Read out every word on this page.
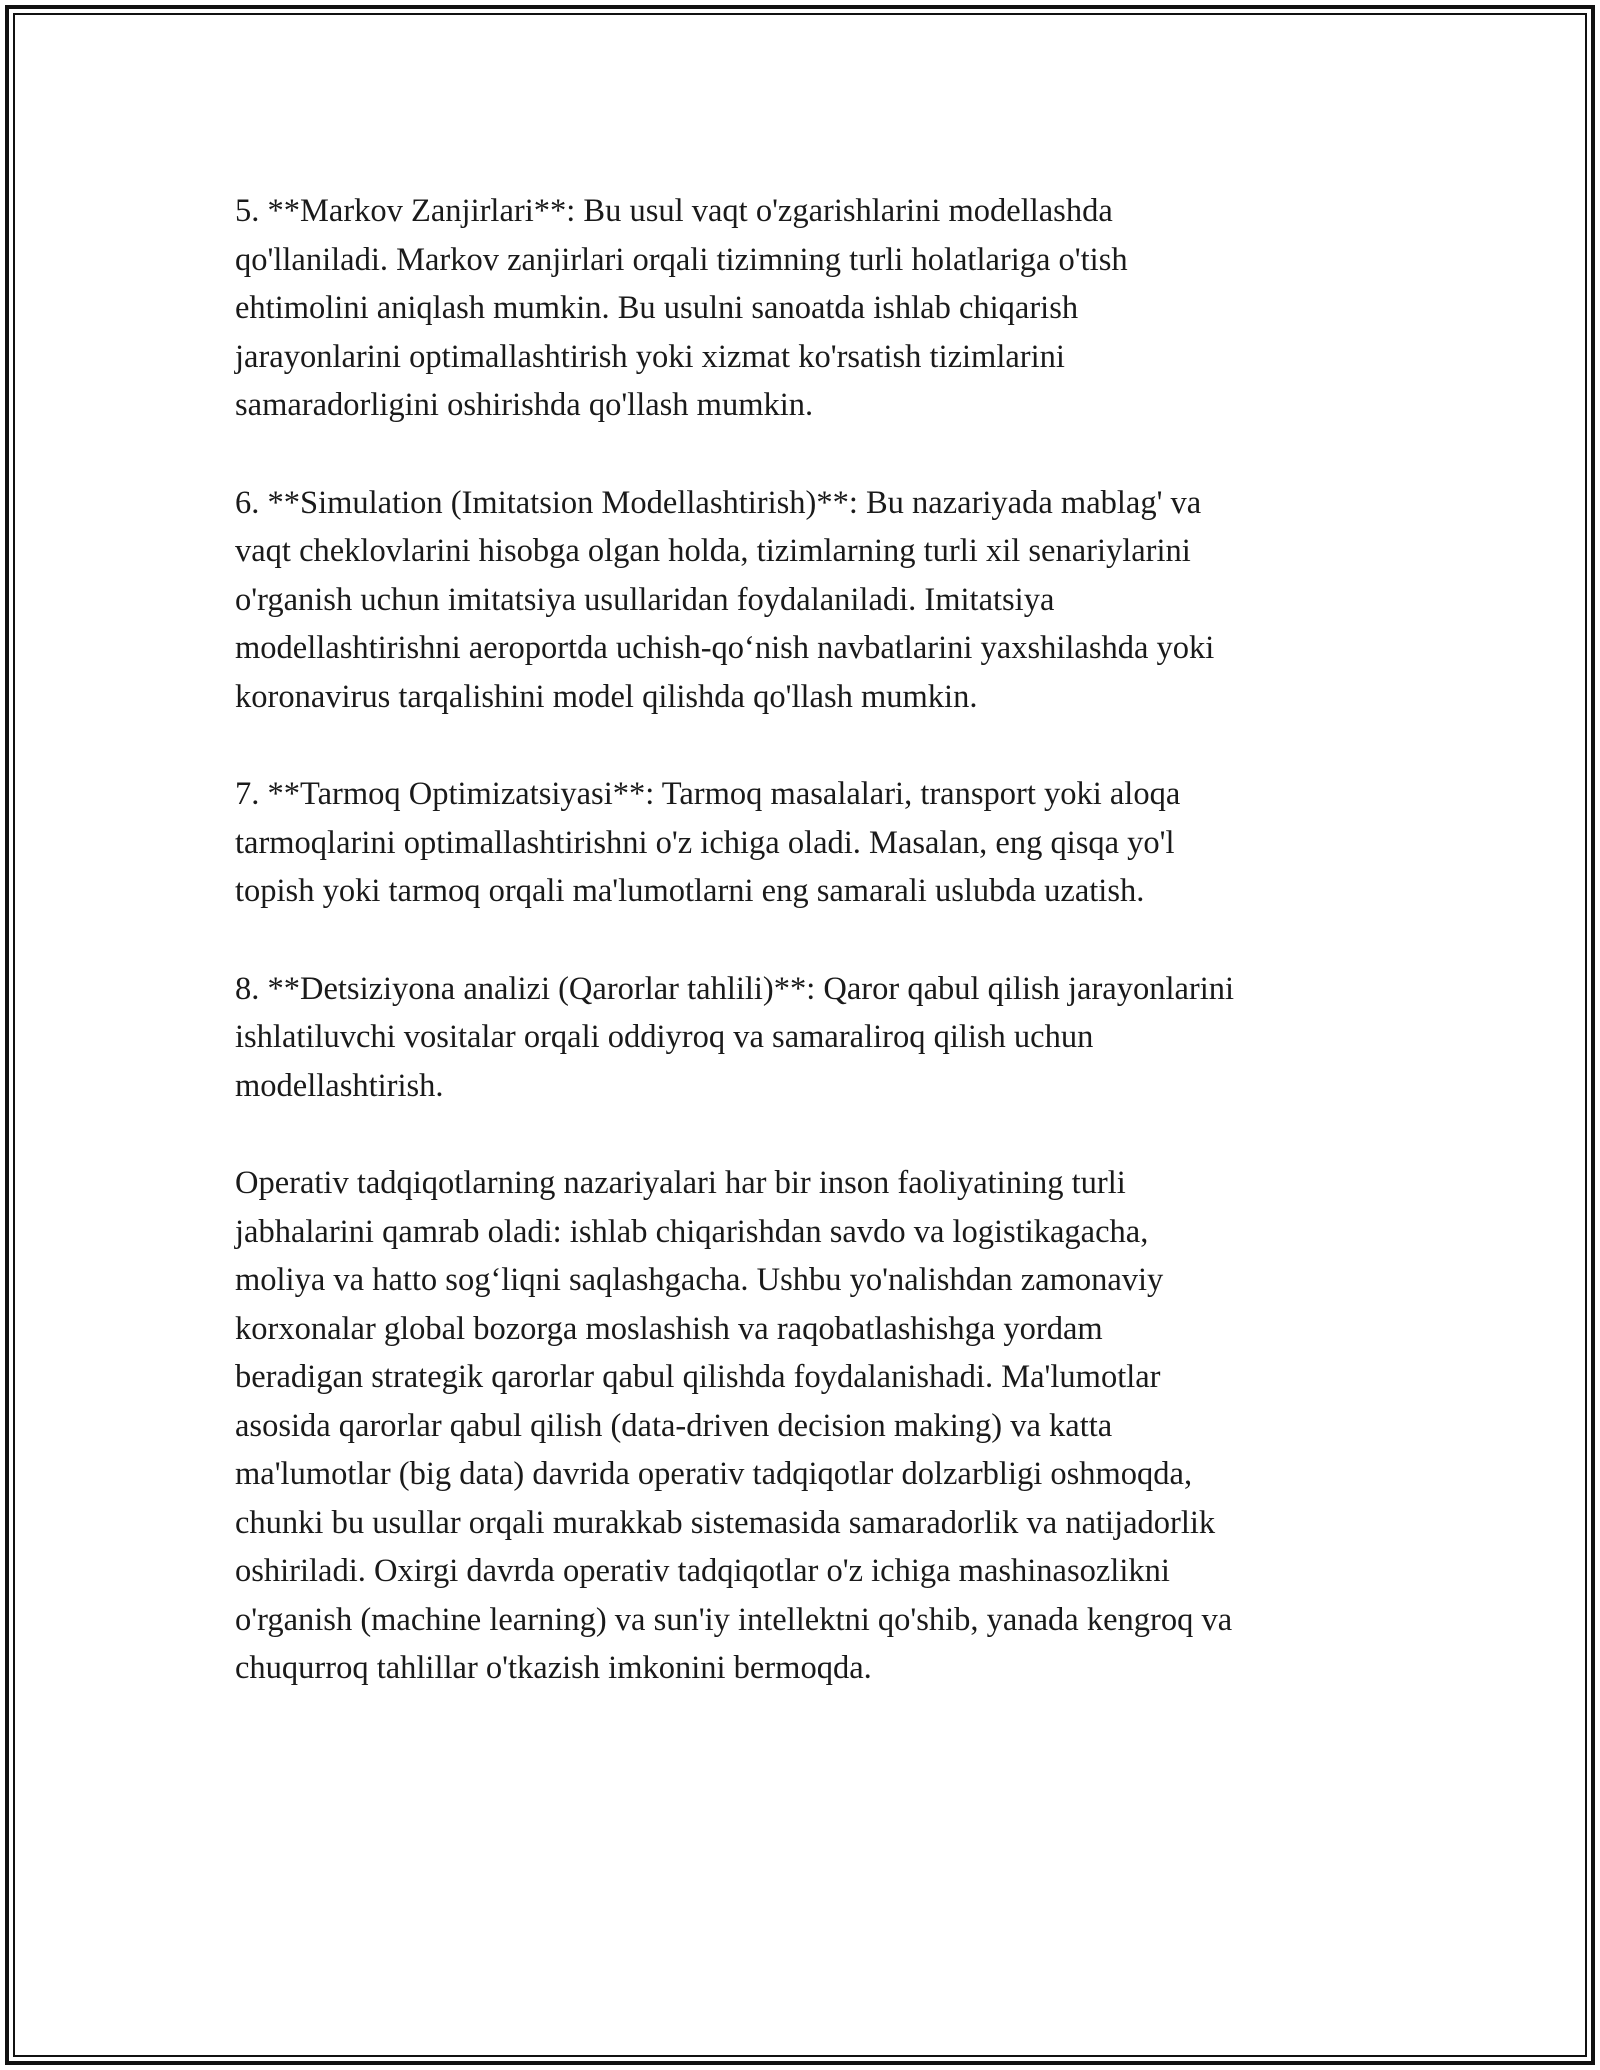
5. **Markov Zanjirlari**: Bu usul vaqt o'zgarishlarini modellashda
qo'llaniladi. Markov zanjirlari orqali tizimning turli holatlariga o'tish
ehtimolini aniqlash mumkin. Bu usulni sanoatda ishlab chiqarish
jarayonlarini optimallashtirish yoki xizmat ko'rsatish tizimlarini
samaradorligini oshirishda qo'llash mumkin.

6. **Simulation (Imitatsion Modellashtirish)**: Bu nazariyada mablag' va
vaqt cheklovlarini hisobga olgan holda, tizimlarning turli xil senariylarini
o'rganish uchun imitatsiya usullaridan foydalaniladi. Imitatsiya
modellashtirishni aeroportda uchish-qo‘nish navbatlarini yaxshilashda yoki
koronavirus tarqalishini model qilishda qo'llash mumkin.

7. **Tarmoq Optimizatsiyasi**: Tarmoq masalalari, transport yoki aloqa
tarmoqlarini optimallashtirishni o'z ichiga oladi. Masalan, eng qisqa yo'l
topish yoki tarmoq orqali ma'lumotlarni eng samarali uslubda uzatish.

8. **Detsiziyona analizi (Qarorlar tahlili)**: Qaror qabul qilish jarayonlarini
ishlatiluvchi vositalar orqali oddiyroq va samaraliroq qilish uchun
modellashtirish.

Operativ tadqiqotlarning nazariyalari har bir inson faoliyatining turli
jabhalarini qamrab oladi: ishlab chiqarishdan savdo va logistikagacha,
moliya va hatto sog‘liqni saqlashgacha. Ushbu yo'nalishdan zamonaviy
korxonalar global bozorga moslashish va raqobatlashishga yordam
beradigan strategik qarorlar qabul qilishda foydalanishadi. Ma'lumotlar
asosida qarorlar qabul qilish (data-driven decision making) va katta
ma'lumotlar (big data) davrida operativ tadqiqotlar dolzarbligi oshmoqda,
chunki bu usullar orqali murakkab sistemasida samaradorlik va natijadorlik
oshiriladi. Oxirgi davrda operativ tadqiqotlar o'z ichiga mashinasozlikni
o'rganish (machine learning) va sun'iy intellektni qo'shib, yanada kengroq va
chuqurroq tahlillar o'tkazish imkonini bermoqda.
